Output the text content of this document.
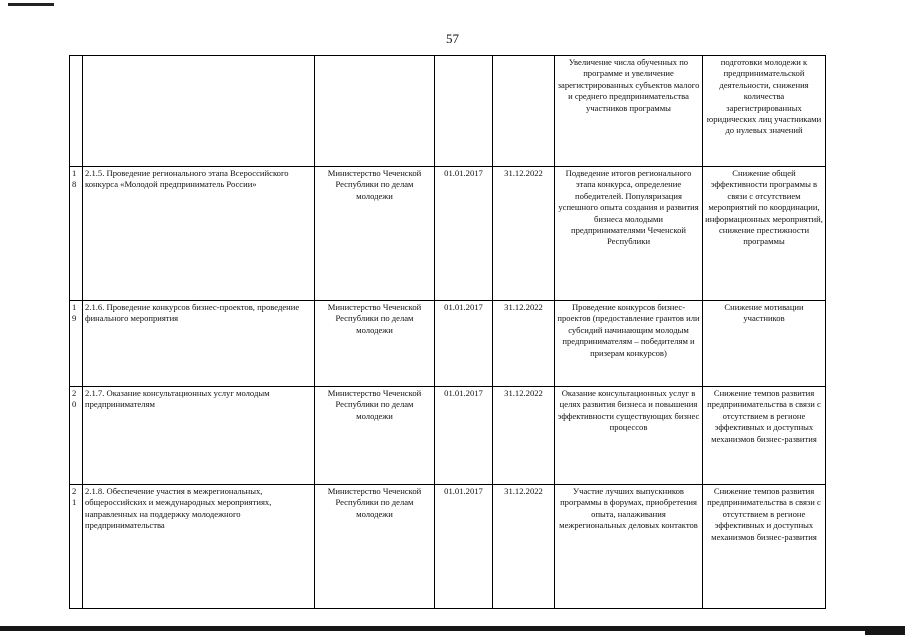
57
					Увеличение числа обученных по программе и увеличение зарегистрированных субъектов малого и среднего предпринимательства участников программы	подготовки молодежи к предпринимательской деятельности, снижения количества зарегистрированных юридических лиц участниками до нулевых значений

1
8	2.1.5. Проведение регионального этапа Всероссийского конкурса «Молодой предприниматель России»	Министерство Чеченской Республики по делам молодежи	01.01.2017	31.12.2022	Подведение итогов регионального этапа конкурса, определение победителей. Популяризация успешного опыта создания и развития бизнеса молодыми предпринимателями Чеченской Республики	Снижение общей эффективности программы в связи с отсутствием мероприятий по координации, информационных мероприятий, снижение престижности программы

1
9	2.1.6. Проведение конкурсов бизнес-проектов, проведение финального мероприятия	Министерство Чеченской Республики по делам молодежи	01.01.2017	31.12.2022	Проведение конкурсов бизнес-проектов (предоставление грантов или субсидий начинающим молодым предпринимателям – победителям и призерам конкурсов)	Снижение мотивации участников

2
0	2.1.7. Оказание консультационных услуг молодым предпринимателям	Министерство Чеченской Республики по делам молодежи	01.01.2017	31.12.2022	Оказание консультационных услуг в целях развития бизнеса и повышения эффективности существующих бизнес процессов	Снижение темпов развития предпринимательства в связи с отсутствием в регионе эффективных и доступных механизмов бизнес-развития

2
1	2.1.8. Обеспечение участия в межрегиональных, общероссийских и международных мероприятиях, направленных на поддержку молодежного предпринимательства	Министерство Чеченской Республики по делам молодежи	01.01.2017	31.12.2022	Участие лучших выпускников программы в форумах, приобретения опыта, налаживания межрегиональных деловых контактов	Снижение темпов развития предпринимательства в связи с отсутствием в регионе эффективных и доступных механизмов бизнес-развития
